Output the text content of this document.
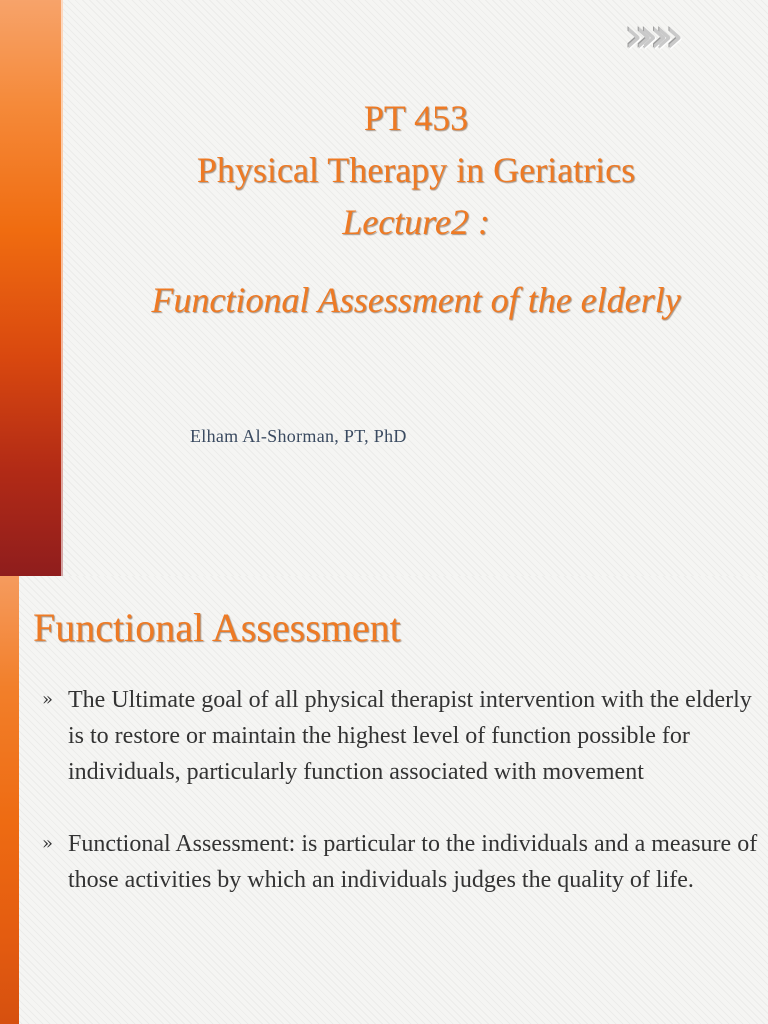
»»»
PT 453
Physical Therapy in Geriatrics
Lecture2 :
Functional Assessment of the elderly
Elham Al-Shorman, PT, PhD
Functional Assessment
» The Ultimate goal of all physical therapist intervention with the elderly is to restore or maintain the highest level of function possible for individuals, particularly function associated with movement
» Functional Assessment: is particular to the individuals and a measure of those activities by which an individuals judges the quality of life.
